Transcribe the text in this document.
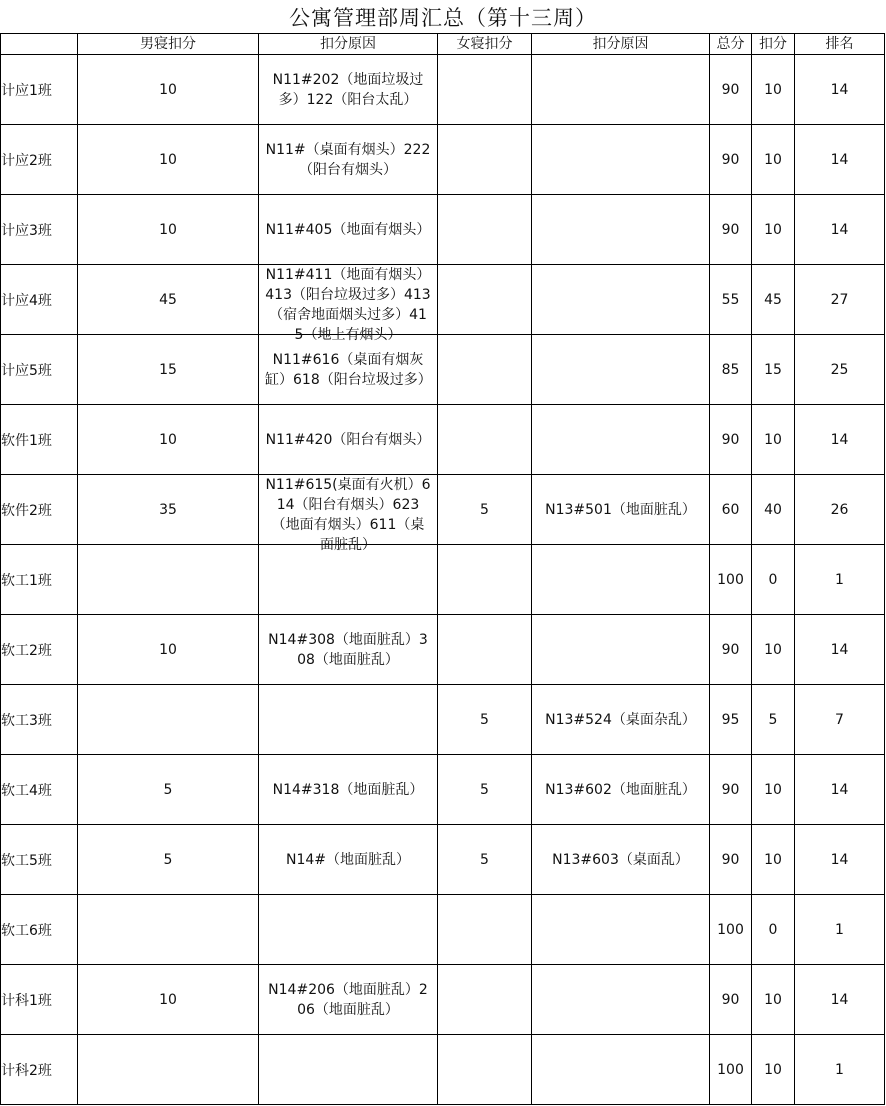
公寓管理部周汇总（第十三周）
	男寝扣分	扣分原因	女寝扣分	扣分原因	总分	扣分	排名
计应1班	10	N11#202（地面垃圾过多）122（阳台太乱）			90	10	14
计应2班	10	N11#（桌面有烟头）222（阳台有烟头）			90	10	14
计应3班	10	N11#405（地面有烟头）			90	10	14
计应4班	45	N11#411（地面有烟头）413（阳台垃圾过多）413（宿舍地面烟头过多）415（地上有烟头）			55	45	27
计应5班	15	N11#616（桌面有烟灰缸）618（阳台垃圾过多）			85	15	25
软件1班	10	N11#420（阳台有烟头）			90	10	14
软件2班	35	N11#615(桌面有火机）614（阳台有烟头）623（地面有烟头）611（桌面脏乱）	5	N13#501（地面脏乱）	60	40	26
软工1班					100	0	1
软工2班	10	N14#308（地面脏乱）308（地面脏乱）			90	10	14
软工3班			5	N13#524（桌面杂乱）	95	5	7
软工4班	5	N14#318（地面脏乱）	5	N13#602（地面脏乱）	90	10	14
软工5班	5	N14#（地面脏乱）	5	N13#603（桌面乱）	90	10	14
软工6班					100	0	1
计科1班	10	N14#206（地面脏乱）206（地面脏乱）			90	10	14
计科2班					100	10	1
